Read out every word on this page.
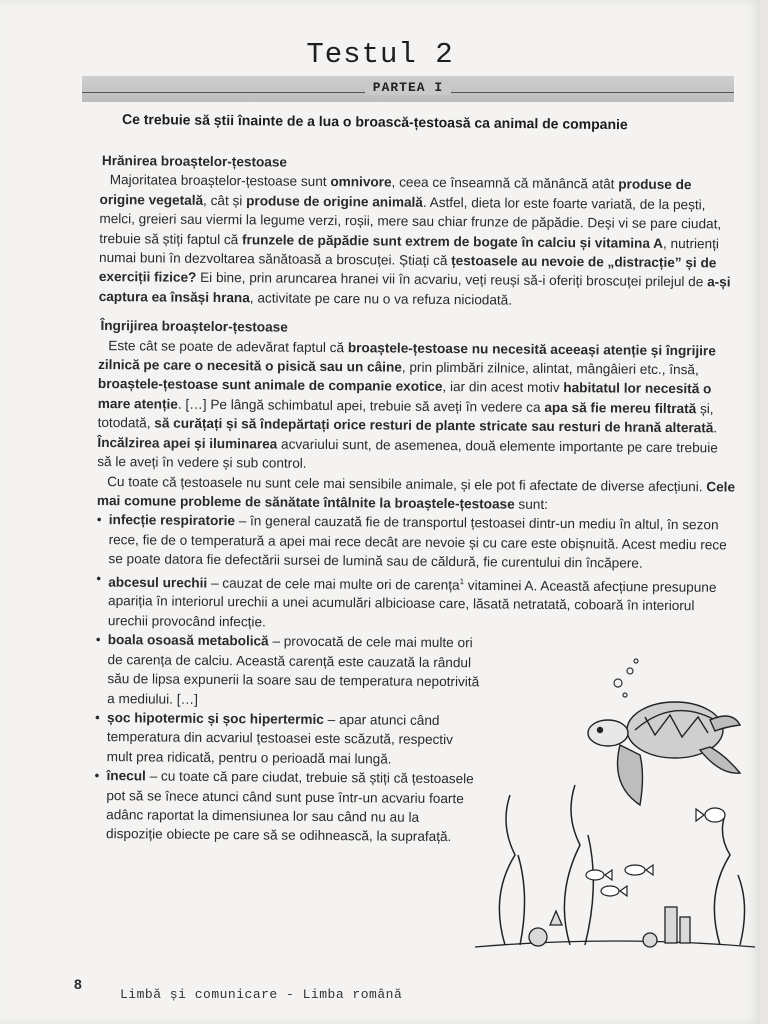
Testul 2
PARTEA I
Ce trebuie să știi înainte de a lua o broască-țestoasă ca animal de companie
Hrănirea broaștelor-țestoase

Majoritatea broaștelor-țestoase sunt omnivore, ceea ce înseamnă că mănâncă atât produse de origine vegetală, cât și produse de origine animală. Astfel, dieta lor este foarte variată, de la pești, melci, greieri sau viermi la legume verzi, roșii, mere sau chiar frunze de păpădie. Deși vi se pare ciudat, trebuie să știți faptul că frunzele de păpădie sunt extrem de bogate în calciu și vitamina A, nutrienți numai buni în dezvoltarea sănătoasă a broscuței. Știați că țestoasele au nevoie de „distracție” și de exerciții fizice? Ei bine, prin aruncarea hranei vii în acvariu, veți reuși să-i oferiți broscuței prilejul de a-și captura ea însăși hrana, activitate pe care nu o va refuza niciodată.

Îngrijirea broaștelor-țestoase

Este cât se poate de adevărat faptul că broaștele-țestoase nu necesită aceeași atenție și îngrijire zilnică pe care o necesită o pisică sau un câine, prin plimbări zilnice, alintat, mângâieri etc., însă, broaștele-țestoase sunt animale de companie exotice, iar din acest motiv habitatul lor necesită o mare atenție. […] Pe lângă schimbatul apei, trebuie să aveți în vedere ca apa să fie mereu filtrată și, totodată, să curățați și să îndepărtați orice resturi de plante stricate sau resturi de hrană alterată. Încălzirea apei și iluminarea acvariului sunt, de asemenea, două elemente importante pe care trebuie să le aveți în vedere și sub control.

Cu toate că țestoasele nu sunt cele mai sensibile animale, și ele pot fi afectate de diverse afecțiuni. Cele mai comune probleme de sănătate întâlnite la broaștele-țestoase sunt:

• infecție respiratorie – în general cauzată fie de transportul țestoasei dintr-un mediu în altul, în sezon rece, fie de o temperatură a apei mai rece decât are nevoie și cu care este obișnuită. Acest mediu rece se poate datora fie defectării sursei de lumină sau de căldură, fie curentului din încăpere.
• abcesul urechii – cauzat de cele mai multe ori de carența$^1$ vitaminei A. Această afecțiune presupune apariția în interiorul urechii a unei acumulări albicioase care, lăsată netratată, coboară în interiorul urechii provocând infecție.
• boala osoasă metabolică – provocată de cele mai multe ori de carența de calciu. Această carență este cauzată la rândul său de lipsa expunerii la soare sau de temperatura nepotrivită a mediului. […]
• șoc hipotermic și șoc hipertermic – apar atunci când temperatura din acvariul țestoasei este scăzută, respectiv mult prea ridicată, pentru o perioadă mai lungă.
• înecul – cu toate că pare ciudat, trebuie să știți că țestoasele pot să se înece atunci când sunt puse într-un acvariu foarte adânc raportat la dimensiunea lor sau când nu au la dispoziție obiecte pe care să se odihnească, la suprafață.
8
Limbă și comunicare - Limba română
